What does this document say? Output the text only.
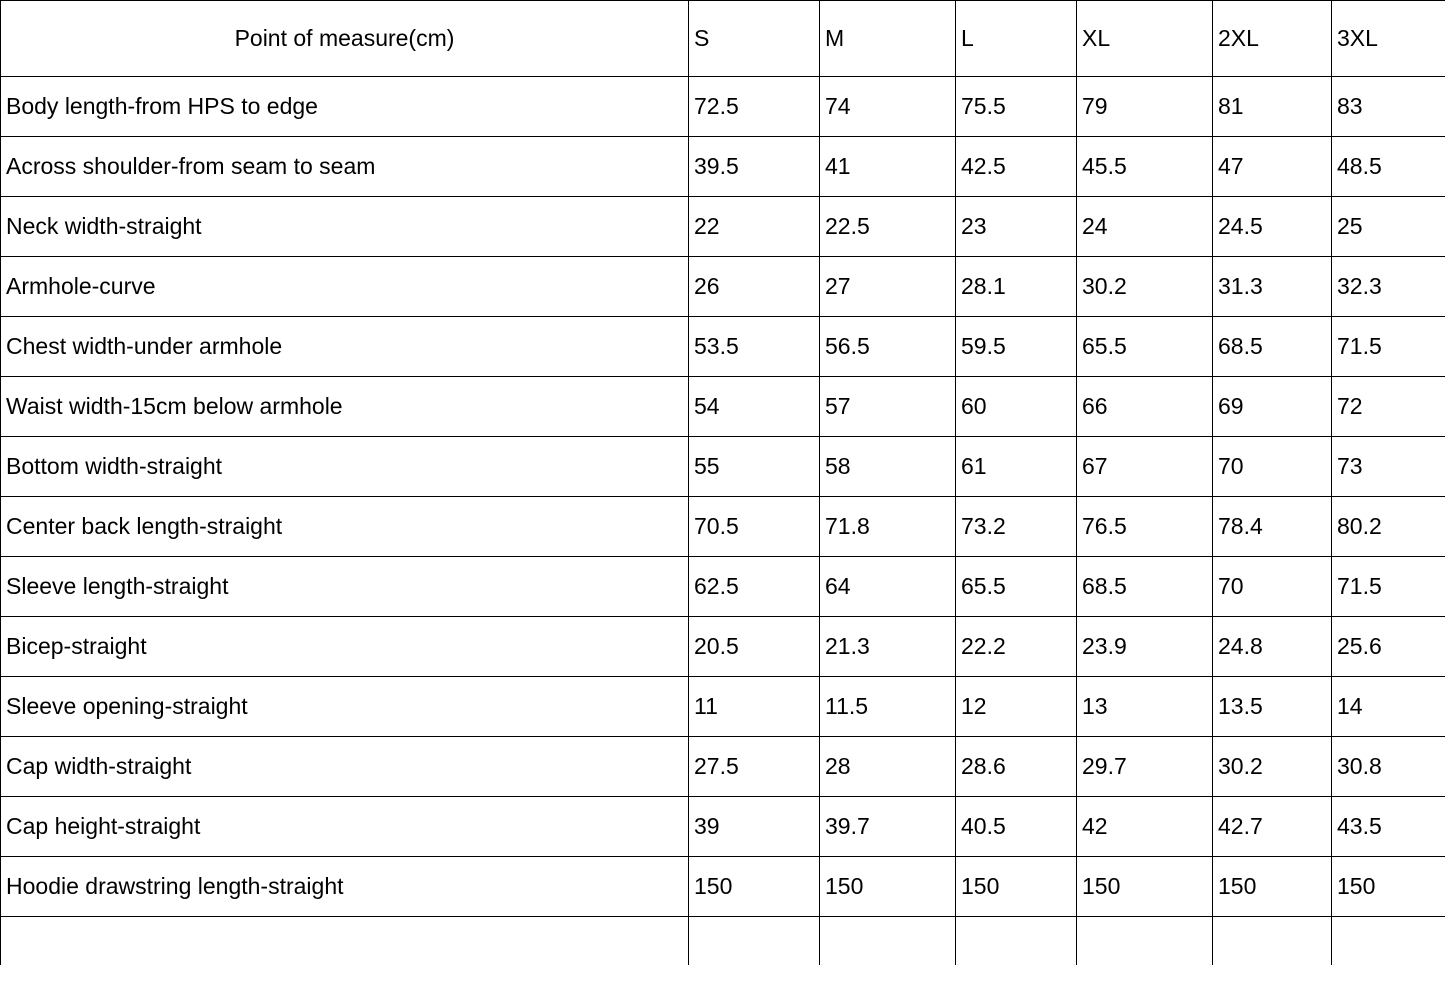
Point of measure(cm)	S	M	L	XL	2XL	3XL
Body length-from HPS to edge	72.5	74	75.5	79	81	83
Across shoulder-from seam to seam	39.5	41	42.5	45.5	47	48.5
Neck width-straight	22	22.5	23	24	24.5	25
Armhole-curve	26	27	28.1	30.2	31.3	32.3
Chest width-under armhole	53.5	56.5	59.5	65.5	68.5	71.5
Waist width-15cm below armhole	54	57	60	66	69	72
Bottom width-straight	55	58	61	67	70	73
Center back length-straight	70.5	71.8	73.2	76.5	78.4	80.2
Sleeve length-straight	62.5	64	65.5	68.5	70	71.5
Bicep-straight	20.5	21.3	22.2	23.9	24.8	25.6
Sleeve opening-straight	11	11.5	12	13	13.5	14
Cap width-straight	27.5	28	28.6	29.7	30.2	30.8
Cap height-straight	39	39.7	40.5	42	42.7	43.5
Hoodie drawstring length-straight	150	150	150	150	150	150
